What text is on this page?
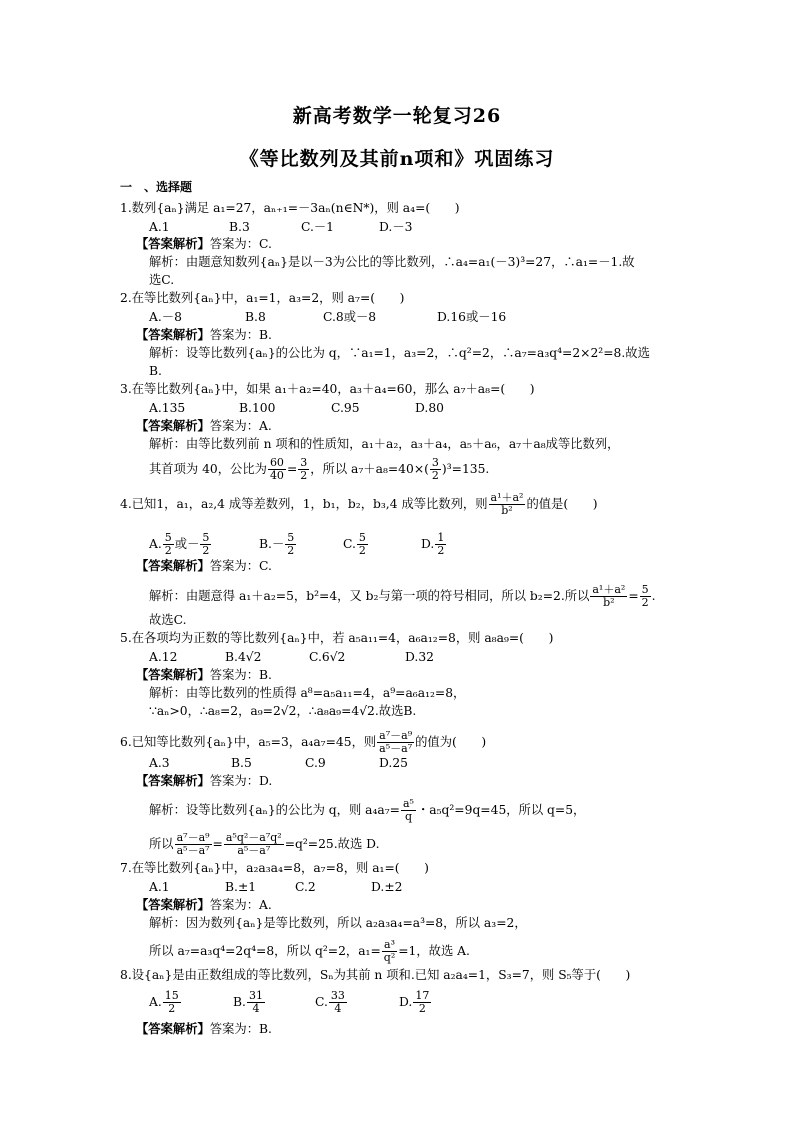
新高考数学一轮复习26
《等比数列及其前n项和》巩固练习
一　、选择题
1.数列{aₙ}满足 a₁=27，aₙ₊₁=－3aₙ(n∈N*)，则 a₄=(　　)
A.1	B.3	C.－1	D.－3
【答案解析】答案为：C.
解析：由题意知数列{aₙ}是以－3为公比的等比数列，∴a₄=a₁(－3)³=27，∴a₁=－1.故
选C.
2.在等比数列{aₙ}中，a₁=1，a₃=2，则 a₇=(　　)
A.－8	B.8	C.8或－8	D.16或－16
【答案解析】答案为：B.
解析：设等比数列{aₙ}的公比为 q，∵a₁=1，a₃=2，∴q²=2，∴a₇=a₃q⁴=2×2²=8.故选
B.
3.在等比数列{aₙ}中，如果 a₁＋a₂=40，a₃＋a₄=60，那么 a₇＋a₈=(　　)
A.135	B.100	C.95	D.80
【答案解析】答案为：A.
解析：由等比数列前 n 项和的性质知，a₁＋a₂，a₃＋a₄，a₅＋a₆，a₇＋a₈成等比数列，
其首项为 40，公比为 $\frac{60}{40} = \frac{3}{2}$ ，所以 $a_7+a_8=40\times( \frac{3}{2} )^3=135$.
4.已知1，a₁，a₂,4 成等差数列，1，b₁，b₂，b₃,4 成等比数列，则 $\frac{\text{a¹＋a²}}{\text{b²}}$ 的值是(　　)
A. $\frac{5}{2}$ 或－ $\frac{5}{2}$	$B.- \frac{5}{2}$	C. $\frac{5}{2}$	D. $\frac{1}{2}$
【答案解析】答案为：C.
解析：由题意得 a₁＋a₂=5，b²=4，又 b₂与第一项的符号相同，所以 b₂=2.所以 $\frac{\text{a¹＋a²}}{\text{b²}} = \frac{5}{2}$ .
故选C.
5.在各项均为正数的等比数列{aₙ}中，若 a₅a₁₁=4，a₆a₁₂=8，则 a₈a₉=(　　)
A.12	B.4√2	C.6√2	D.32
【答案解析】答案为：B.
解析：由等比数列的性质得 a⁸=a₅a₁₁=4，a⁹=a₆a₁₂=8，
∵aₙ>0，∴a₈=2，a₉=2√2，∴a₈a₉=4√2.故选B.
6.已知等比数列{aₙ}中，a₅=3，a₄a₇=45，则 $\frac{\text{a⁷－a⁹}}{\text{a⁵－a⁷}}$ 的值为(　　)
A.3	B.5	C.9	D.25
【答案解析】答案为：D.
解析：设等比数列{aₙ}的公比为 q，则 $a_4a_7= \frac{\text{a⁵}}{q}$ ・a₅q²=9q=45，所以 q=5，
所以 $\frac{\text{a⁷－a⁹}}{\text{a⁵－a⁷}} = \frac{\text{a⁵q²－a⁷q²}}{\text{a⁵－a⁷}} =q^2=25$.故选 D.
7.在等比数列{aₙ}中，a₂a₃a₄=8，a₇=8，则 a₁=(　　)
A.1	B.±1	C.2	D.±2
【答案解析】答案为：A.
解析：因为数列{aₙ}是等比数列，所以 a₂a₃a₄=a³=8，所以 a₃=2，
所以 a₇=a₃q⁴=2q⁴=8，所以 q²=2，$a_1= \frac{\text{a³}}{\text{q²}} =1$，故选 A.
8.设{aₙ}是由正数组成的等比数列，Sₙ为其前 n 项和.已知 a₂a₄=1，S₃=7，则 S₅等于(　　)
A. $\frac{15}{2}$	B. $\frac{31}{4}$	C. $\frac{33}{4}$	D. $\frac{17}{2}$
【答案解析】答案为：B.
